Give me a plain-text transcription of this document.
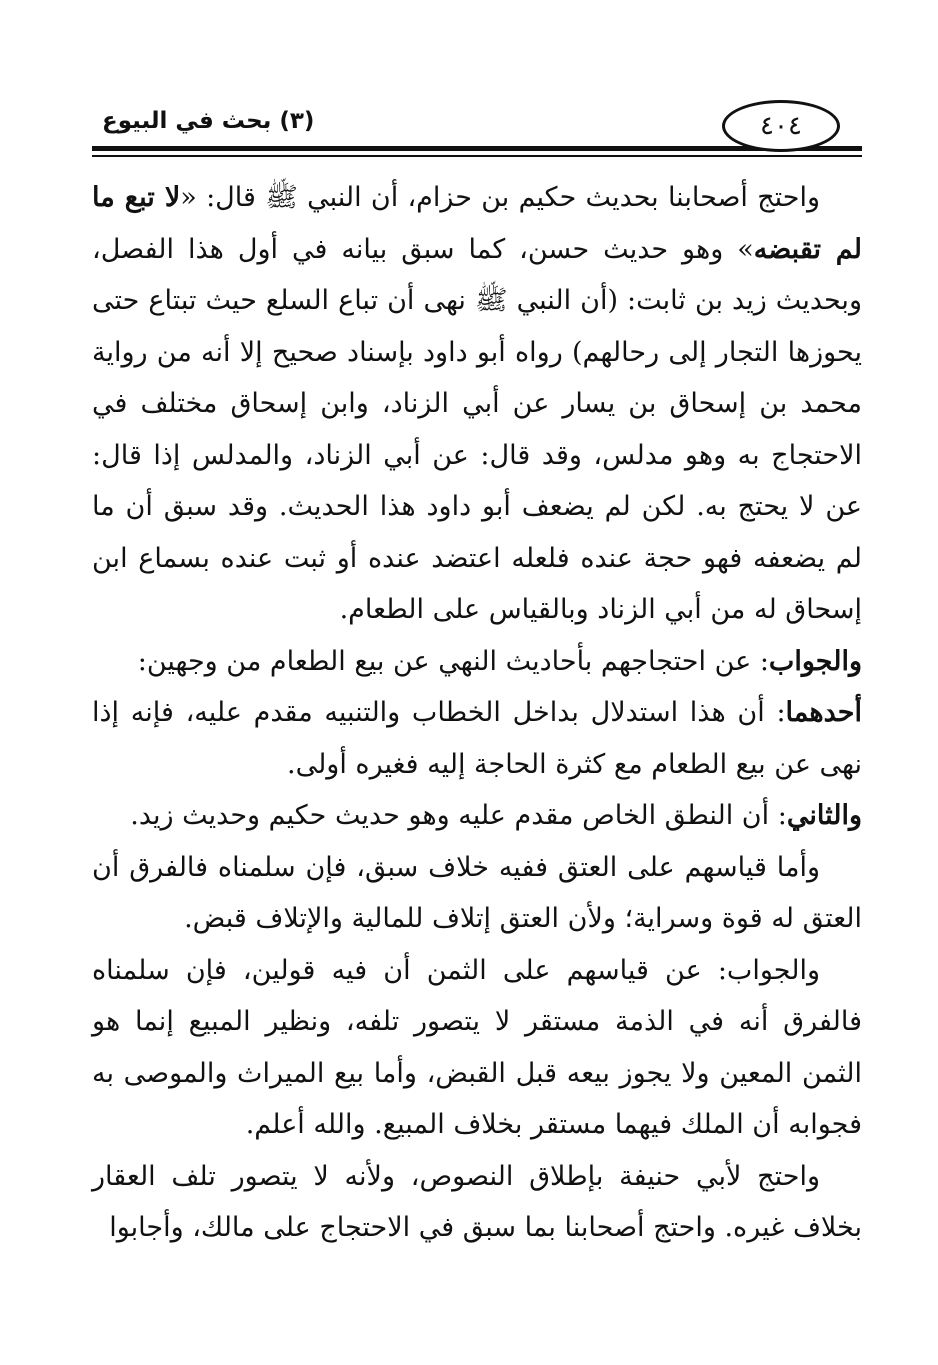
(٣) بحث في البيوع	٤٠٤

واحتج أصحابنا بحديث حكيم بن حزام، أن النبي ﷺ قال: «لا تبع ما لم تقبضه» وهو حديث حسن، كما سبق بيانه في أول هذا الفصل، وبحديث زيد بن ثابت: (أن النبي ﷺ نهى أن تباع السلع حيث تبتاع حتى يحوزها التجار إلى رحالهم) رواه أبو داود بإسناد صحيح إلا أنه من رواية محمد بن إسحاق بن يسار عن أبي الزناد، وابن إسحاق مختلف في الاحتجاج به وهو مدلس، وقد قال: عن أبي الزناد، والمدلس إذا قال: عن لا يحتج به. لكن لم يضعف أبو داود هذا الحديث. وقد سبق أن ما لم يضعفه فهو حجة عنده فلعله اعتضد عنده أو ثبت عنده بسماع ابن إسحاق له من أبي الزناد وبالقياس على الطعام.

والجواب: عن احتجاجهم بأحاديث النهي عن بيع الطعام من وجهين:

أحدهما: أن هذا استدلال بداخل الخطاب والتنبيه مقدم عليه، فإنه إذا نهى عن بيع الطعام مع كثرة الحاجة إليه فغيره أولى.

والثاني: أن النطق الخاص مقدم عليه وهو حديث حكيم وحديث زيد.

وأما قياسهم على العتق ففيه خلاف سبق، فإن سلمناه فالفرق أن العتق له قوة وسراية؛ ولأن العتق إتلاف للمالية والإتلاف قبض.

والجواب: عن قياسهم على الثمن أن فيه قولين، فإن سلمناه فالفرق أنه في الذمة مستقر لا يتصور تلفه، ونظير المبيع إنما هو الثمن المعين ولا يجوز بيعه قبل القبض، وأما بيع الميراث والموصى به فجوابه أن الملك فيهما مستقر بخلاف المبيع. والله أعلم.

واحتج لأبي حنيفة بإطلاق النصوص، ولأنه لا يتصور تلف العقار بخلاف غيره. واحتج أصحابنا بما سبق في الاحتجاج على مالك، وأجابوا
